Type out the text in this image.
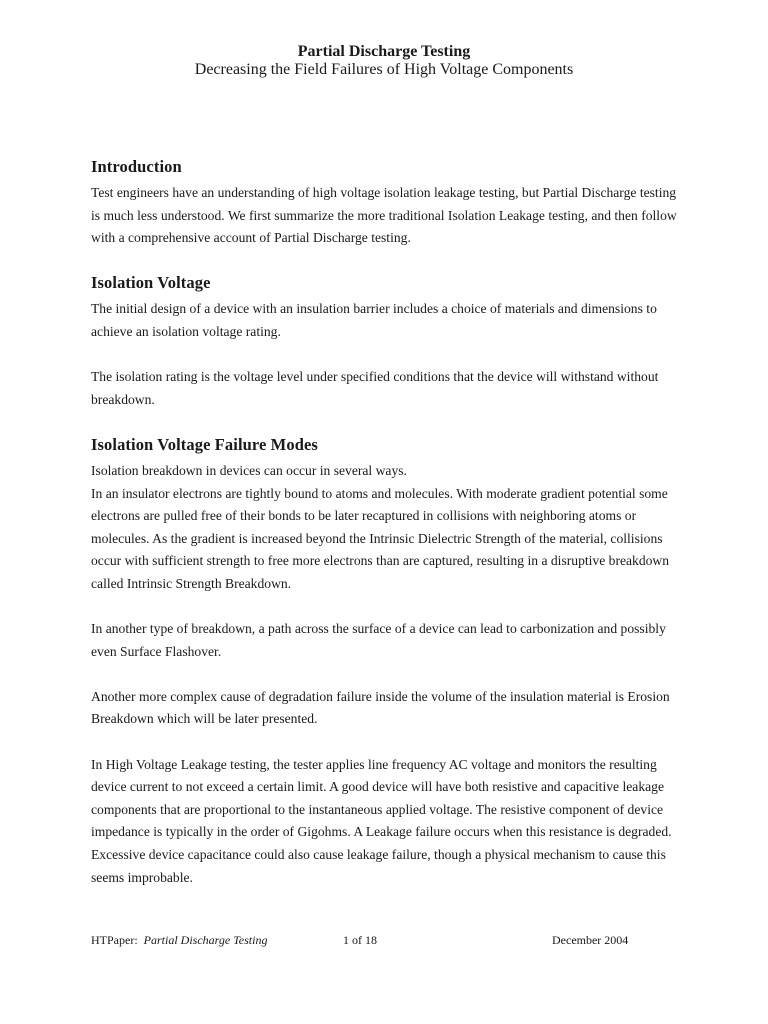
Partial Discharge Testing
Decreasing the Field Failures of High Voltage Components
Introduction

Test engineers have an understanding of high voltage isolation leakage testing, but Partial Discharge testing is much less understood. We first summarize the more traditional Isolation Leakage testing, and then follow with a comprehensive account of Partial Discharge testing.

Isolation Voltage

The initial design of a device with an insulation barrier includes a choice of materials and dimensions to achieve an isolation voltage rating.

The isolation rating is the voltage level under specified conditions that the device will withstand without breakdown.

Isolation Voltage Failure Modes

Isolation breakdown in devices can occur in several ways.

In an insulator electrons are tightly bound to atoms and molecules. With moderate gradient potential some electrons are pulled free of their bonds to be later recaptured in collisions with neighboring atoms or molecules. As the gradient is increased beyond the Intrinsic Dielectric Strength of the material, collisions occur with sufficient strength to free more electrons than are captured, resulting in a disruptive breakdown called Intrinsic Strength Breakdown.

In another type of breakdown, a path across the surface of a device can lead to carbonization and possibly even Surface Flashover.

Another more complex cause of degradation failure inside the volume of the insulation material is Erosion Breakdown which will be later presented.

In High Voltage Leakage testing, the tester applies line frequency AC voltage and monitors the resulting device current to not exceed a certain limit. A good device will have both resistive and capacitive leakage components that are proportional to the instantaneous applied voltage. The resistive component of device impedance is typically in the order of Gigohms. A Leakage failure occurs when this resistance is degraded. Excessive device capacitance could also cause leakage failure, though a physical mechanism to cause this seems improbable.

HTPaper: Partial Discharge Testing	1 of 18	December 2004
